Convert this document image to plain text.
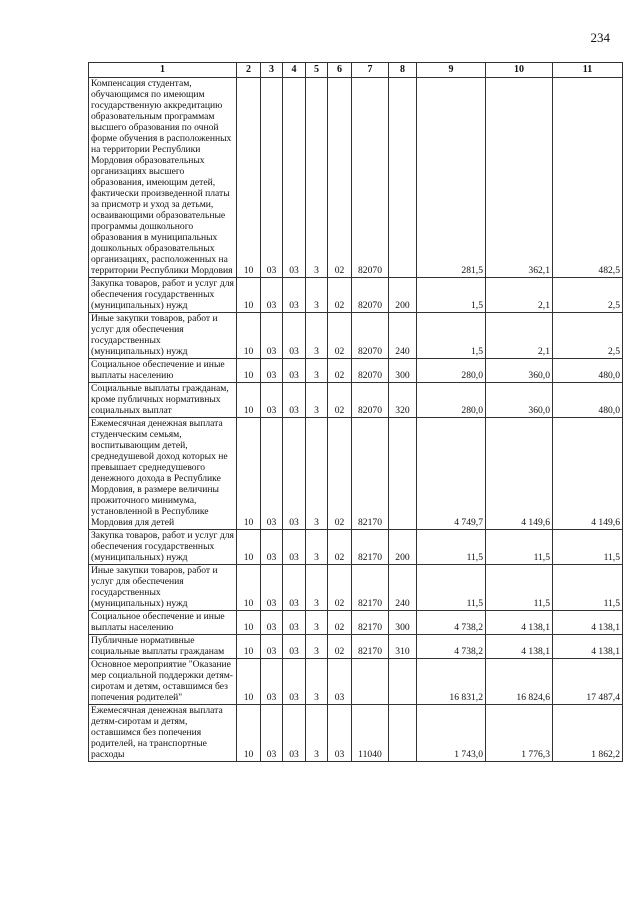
234
1	2	3	4	5	6	7	8	9	10	11
Компенсация студентам, обучающимся по имеющим государственную аккредитацию образовательным программам высшего образования по очной форме обучения в расположенных на территории Республики Мордовия образовательных организациях высшего образования, имеющим детей, фактически произведенной платы за присмотр и уход за детьми, осваивающими образовательные программы дошкольного образования в муниципальных дошкольных образовательных организациях, расположенных на территории Республики Мордовия	10	03	03	3	02	82070		281,5	362,1	482,5
Закупка товаров, работ и услуг для обеспечения государственных (муниципальных) нужд	10	03	03	3	02	82070	200	1,5	2,1	2,5
Иные закупки товаров, работ и услуг для обеспечения государственных (муниципальных) нужд	10	03	03	3	02	82070	240	1,5	2,1	2,5
Социальное обеспечение и иные выплаты населению	10	03	03	3	02	82070	300	280,0	360,0	480,0
Социальные выплаты гражданам, кроме публичных нормативных социальных выплат	10	03	03	3	02	82070	320	280,0	360,0	480,0
Ежемесячная денежная выплата студенческим семьям, воспитывающим детей, среднедушевой доход которых не превышает среднедушевого денежного дохода в Республике Мордовия, в размере величины прожиточного минимума, установленной в Республике Мордовия для детей	10	03	03	3	02	82170		4 749,7	4 149,6	4 149,6
Закупка товаров, работ и услуг для обеспечения государственных (муниципальных) нужд	10	03	03	3	02	82170	200	11,5	11,5	11,5
Иные закупки товаров, работ и услуг для обеспечения государственных (муниципальных) нужд	10	03	03	3	02	82170	240	11,5	11,5	11,5
Социальное обеспечение и иные выплаты населению	10	03	03	3	02	82170	300	4 738,2	4 138,1	4 138,1
Публичные нормативные социальные выплаты гражданам	10	03	03	3	02	82170	310	4 738,2	4 138,1	4 138,1
Основное мероприятие "Оказание мер социальной поддержки детям-сиротам и детям, оставшимся без попечения родителей"	10	03	03	3	03			16 831,2	16 824,6	17 487,4
Ежемесячная денежная выплата детям-сиротам и детям, оставшимся без попечения родителей, на транспортные расходы	10	03	03	3	03	11040		1 743,0	1 776,3	1 862,2
